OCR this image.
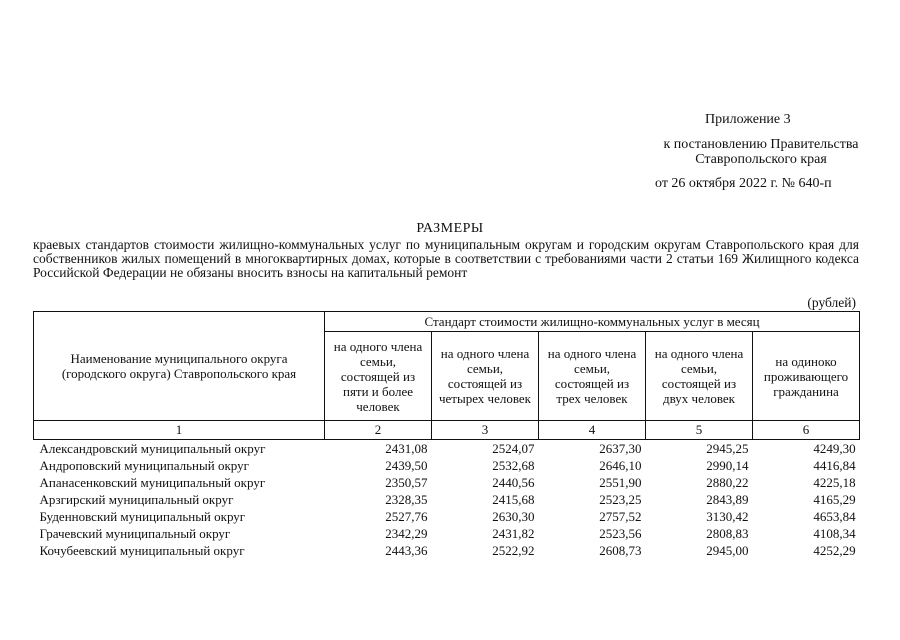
Приложение 3
к постановлению Правительства
Ставропольского края
от 26 октября 2022 г. № 640-п
РАЗМЕРЫ
краевых стандартов стоимости жилищно-коммунальных услуг по муниципальным округам и городским округам Ставропольского края для собственников жилых помещений в многоквартирных домах, которые в соответствии с требованиями части 2 статьи 169 Жилищного кодекса Российской Федерации не обязаны вносить взносы на капитальный ремонт
(рублей)
Наименование муниципального округа (городского округа) Ставропольского края	Стандарт стоимости жилищно-коммунальных услуг в месяц				
	на одного члена семьи, состоящей из пяти и более человек	на одного члена семьи, состоящей из четырех человек	на одного члена семьи, состоящей из трех человек	на одного члена семьи, состоящей из двух человек	на одиноко проживающего гражданина
1	2	3	4	5	6
Александровский муниципальный округ	2431,08	2524,07	2637,30	2945,25	4249,30
Андроповский муниципальный округ	2439,50	2532,68	2646,10	2990,14	4416,84
Апанасенковский муниципальный округ	2350,57	2440,56	2551,90	2880,22	4225,18
Арзгирский муниципальный округ	2328,35	2415,68	2523,25	2843,89	4165,29
Буденновский муниципальный округ	2527,76	2630,30	2757,52	3130,42	4653,84
Грачевский муниципальный округ	2342,29	2431,82	2523,56	2808,83	4108,34
Кочубеевский муниципальный округ	2443,36	2522,92	2608,73	2945,00	4252,29
